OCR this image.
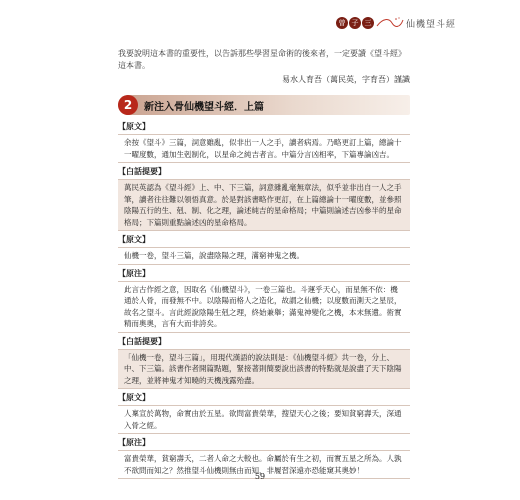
曾 子 三	仙機望斗經

我要說明這本書的重要性，以告訴那些學習星命術的後來者，一定要讀《望斗經》這本書。

易水人育吾（萬民英，字育吾）謹識
2	新注入骨仙機望斗經．上篇
【原文】

余按《望斗》三篇，詞意雖亂，似非出一人之手，讀者病焉。乃略更訂上篇，總論十一曜度數，通加生剋制化，以星命之純吉者言。中篇分言凶相率，下篇專論凶吉。

【白話提要】

萬民英認為《望斗經》上、中、下三篇，詞意雜亂毫無章法，似乎並非出自一人之手筆，讀者往往難以領悟真意。於是對該書略作更訂，在上篇總論十一曜度數，並參照陰陽五行的生、剋、制、化之理，論述純吉的星命格局；中篇則論述吉凶參半的星命格局；下篇則重點論述凶的星命格局。

【原文】

仙機一卷，望斗三篇，說盡陰陽之理，滿窮神鬼之機。

【原注】

此言古作經之意，因取名《仙機望斗》，一卷三篇也。斗運乎天心，而星無不依：機通於人骨，而發無不中。以陰陽而格人之造化，故謂之仙機；以度數而測天之星辰，故名之望斗。言此經說陰陽生剋之理，終始兼舉；滿鬼神變化之機，本末無遺。術實精而奧奧，言有大而非誇矣。

【白話提要】

「仙機一卷，望斗三篇」，用現代漢語的說法則是：《仙機望斗經》共一卷，分上、中、下三篇。該書作者開篇點題，緊接著則簡要說出該書的特點就是說盡了天下陰陽之理，並將神鬼才知曉的天機洩露殆盡。

【原文】

人稟宣於萬物，命實由於五星。欲問富貴榮華，搜望天心之後；要知貧窮壽夭，深通入骨之經。

【原注】

富貴榮華，貧窮壽夭，二者人命之大較也。命屬於有生之初，而實五星之所為。人孰不欲問而知之？然推望斗仙機則無由而知，非履習深遠亦恐能窺其奧妙！

59
